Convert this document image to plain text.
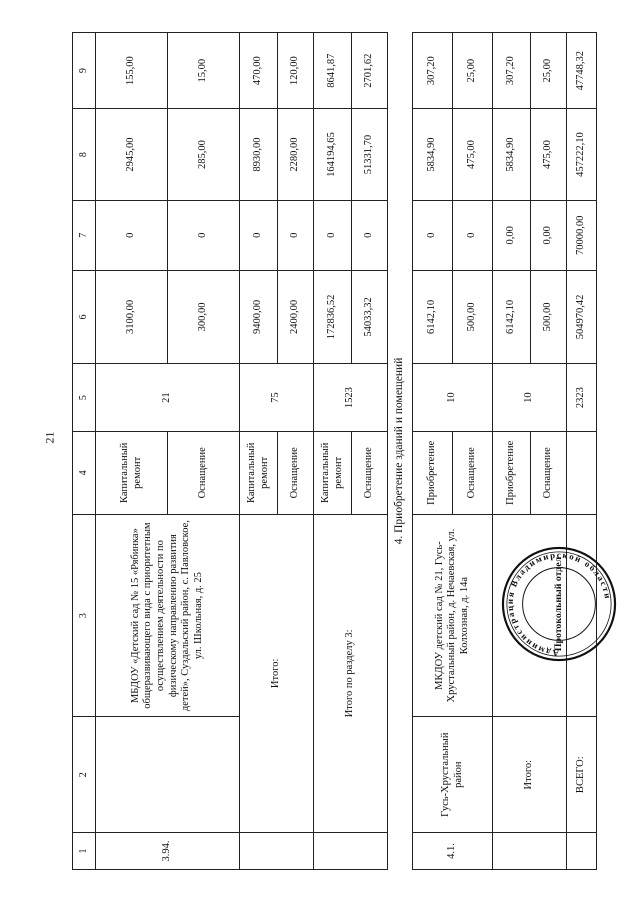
21
1	2	3	4	5	6	7	8	9
3.94.		МБДОУ «Детский сад № 15 «Рябинка» общеразвивающего вида с приоритетным осуществлением деятельности по физическому направлению развития детей», Суздальский район, с. Павловское, ул. Школьная, д. 25	Капитальный ремонт	21	3100,00	0	2945,00	155,00
			Оснащение		300,00	0	285,00	15,00
	Итого:		Капитальный ремонт	75	9400,00	0	8930,00	470,00
			Оснащение		2400,00	0	2280,00	120,00
	Итого по разделу 3:		Капитальный ремонт	1523	172836,52	0	164194,65	8641,87
			Оснащение		54033,32	0	51331,70	2701,62
4. Приобретение зданий и помещений								
4.1.	Гусь-Хрустальный район	МКДОУ детский сад № 21, Гусь-Хрустальный район, д. Нечаевская, ул. Колхозная, д. 14а	Приобретение	10	6142,10	0	5834,90	307,20
			Оснащение		500,00	0	475,00	25,00
	Итого:		Приобретение	10	6142,10	0,00	5834,90	307,20
			Оснащение		500,00	0,00	475,00	25,00
	ВСЕГО:			2323	504970,42	70000,00	457222,10	47748,32
Администрация Владимирской области
Протокольный отдел
